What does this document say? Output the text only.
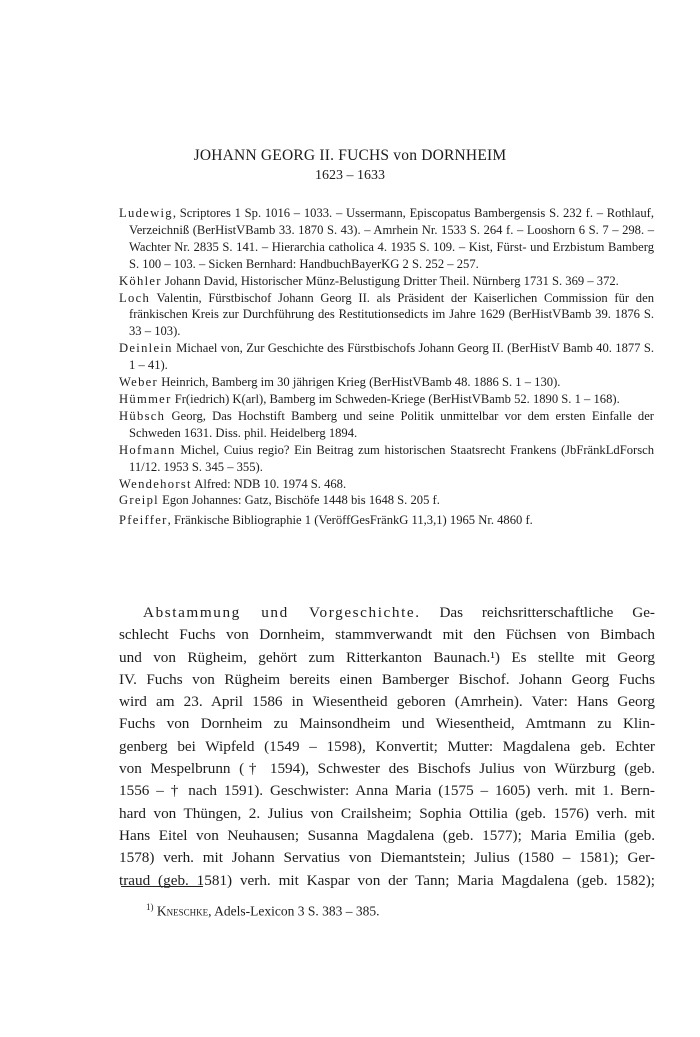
JOHANN GEORG II. FUCHS von DORNHEIM
1623 – 1633

Ludewig, Scriptores 1 Sp. 1016 – 1033. – Ussermann, Episcopatus Bambergensis S. 232 f. – Rothlauf, Verzeichniß (BerHistVBamb 33. 1870 S. 43). – Amrhein Nr. 1533 S. 264 f. – Looshorn 6 S. 7 – 298. – Wachter Nr. 2835 S. 141. – Hierarchia catholica 4. 1935 S. 109. – Kist, Fürst- und Erzbistum Bamberg S. 100 – 103. – Sicken Bernhard: HandbuchBayerKG 2 S. 252 – 257.

Köhler Johann David, Historischer Münz-Belustigung Dritter Theil. Nürnberg 1731 S. 369 – 372.

Loch Valentin, Fürstbischof Johann Georg II. als Präsident der Kaiserlichen Commission für den fränkischen Kreis zur Durchführung des Restitutionsedicts im Jahre 1629 (BerHistVBamb 39. 1876 S. 33 – 103).

Deinlein Michael von, Zur Geschichte des Fürstbischofs Johann Georg II. (BerHistV Bamb 40. 1877 S. 1 – 41).

Weber Heinrich, Bamberg im 30 jährigen Krieg (BerHistVBamb 48. 1886 S. 1 – 130).

Hümmer Fr(iedrich) K(arl), Bamberg im Schweden-Kriege (BerHistVBamb 52. 1890 S. 1 – 168).

Hübsch Georg, Das Hochstift Bamberg und seine Politik unmittelbar vor dem ersten Einfalle der Schweden 1631. Diss. phil. Heidelberg 1894.

Hofmann Michel, Cuius regio? Ein Beitrag zum historischen Staatsrecht Frankens (JbFränkLdForsch 11/12. 1953 S. 345 – 355).

Wendehorst Alfred: NDB 10. 1974 S. 468.

Greipl Egon Johannes: Gatz, Bischöfe 1448 bis 1648 S. 205 f.

Pfeiffer, Fränkische Bibliographie 1 (VeröffGesFränkG 11,3,1) 1965 Nr. 4860 f.

Abstammung und Vorgeschichte. Das reichsritterschaftliche Ge-
schlecht Fuchs von Dornheim, stammverwandt mit den Füchsen von Bimbach
und von Rügheim, gehört zum Ritterkanton Baunach.¹) Es stellte mit Georg
IV. Fuchs von Rügheim bereits einen Bamberger Bischof. Johann Georg Fuchs
wird am 23. April 1586 in Wiesentheid geboren (Amrhein). Vater: Hans Georg
Fuchs von Dornheim zu Mainsondheim und Wiesentheid, Amtmann zu Klin-
genberg bei Wipfeld (1549 – 1598), Konvertit; Mutter: Magdalena geb. Echter
von Mespelbrunn († 1594), Schwester des Bischofs Julius von Würzburg (geb.
1556 – † nach 1591). Geschwister: Anna Maria (1575 – 1605) verh. mit 1. Bern-
hard von Thüngen, 2. Julius von Crailsheim; Sophia Ottilia (geb. 1576) verh. mit
Hans Eitel von Neuhausen; Susanna Magdalena (geb. 1577); Maria Emilia (geb.
1578) verh. mit Johann Servatius von Diemantstein; Julius (1580 – 1581); Ger-
traud (geb. 1581) verh. mit Kaspar von der Tann; Maria Magdalena (geb. 1582);
$^{1)}$ Kneschke, Adels-Lexicon 3 S. 383 – 385.
